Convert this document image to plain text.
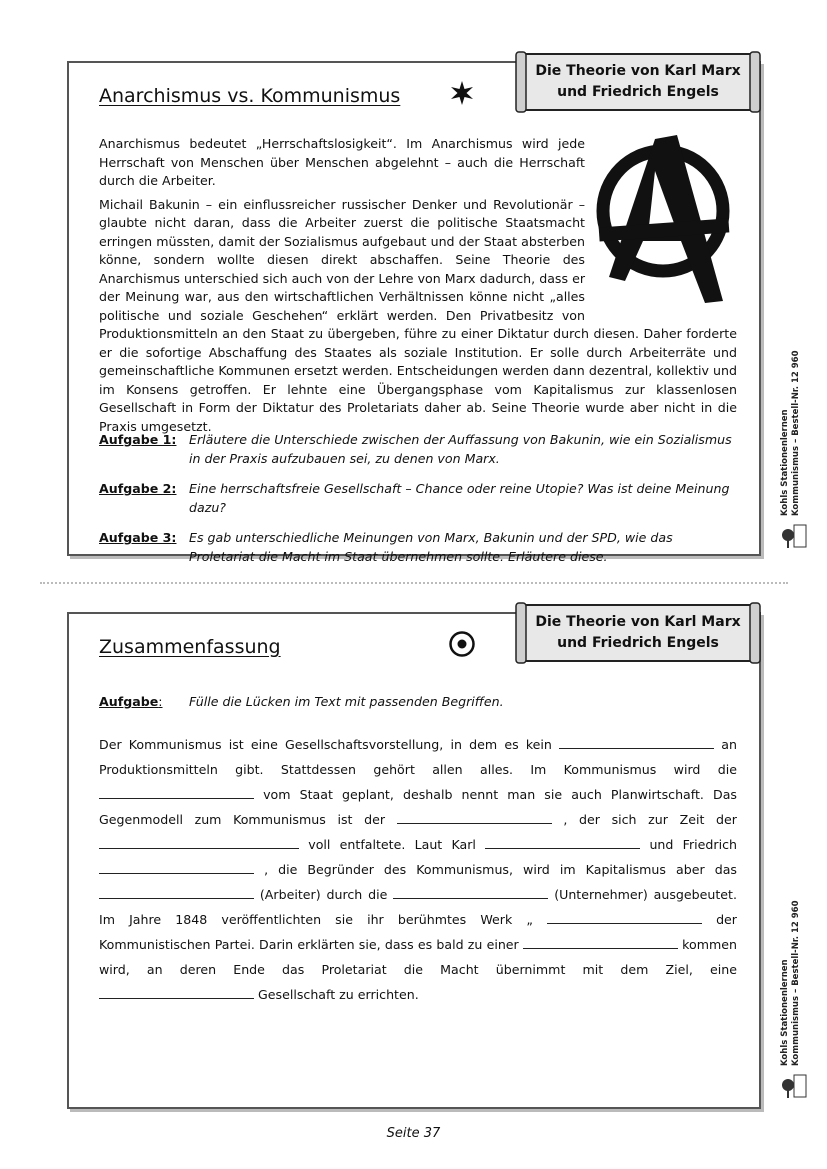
Anarchismus vs. Kommunismus

Anarchismus bedeutet „Herrschaftslosigkeit“. Im Anarchismus wird jede Herrschaft von Menschen über Menschen abgelehnt – auch die Herrschaft durch die Arbeiter.

Michail Bakunin – ein einflussreicher russischer Denker und Revolutionär – glaubte nicht daran, dass die Arbeiter zuerst die politische Staatsmacht erringen müssten, damit der Sozialismus aufgebaut und der Staat absterben könne, sondern wollte diesen direkt abschaffen. Seine Theorie des Anarchismus unterschied sich auch von der Lehre von Marx dadurch, dass er der Meinung war, aus den wirtschaftlichen Verhältnissen könne nicht „alles politische und soziale Geschehen“ erklärt werden. Den Privatbesitz von Produktionsmitteln an den Staat zu übergeben, führe zu einer Diktatur durch diesen. Daher forderte er die sofortige Abschaffung des Staates als soziale Institution. Er solle durch Arbeiterräte und gemeinschaftliche Kommunen ersetzt werden. Entscheidungen werden dann dezentral, kollektiv und im Konsens getroffen. Er lehnte eine Übergangsphase vom Kapitalismus zur klassenlosen Gesellschaft in Form der Diktatur des Proletariats daher ab. Seine Theorie wurde aber nicht in die Praxis umgesetzt.

Aufgabe 1: Erläutere die Unterschiede zwischen der Auffassung von Bakunin, wie ein Sozialismus in der Praxis aufzubauen sei, zu denen von Marx.
Aufgabe 2: Eine herrschaftsfreie Gesellschaft – Chance oder reine Utopie? Was ist deine Meinung dazu?
Aufgabe 3: Es gab unterschiedliche Meinungen von Marx, Bakunin und der SPD, wie das Proletariat die Macht im Staat übernehmen sollte. Erläutere diese.
Die Theorie von Karl Marx
und Friedrich Engels
Zusammenfassung
Aufgabe:	Fülle die Lücken im Text mit passenden Begriffen.
Der Kommunismus ist eine Gesellschaftsvorstellung, in dem es kein	an Produktionsmitteln gibt. Stattdessen gehört allen alles. Im Kommunismus wird die  vom Staat geplant, deshalb nennt man sie auch Planwirtschaft. Das Gegenmodell zum Kommunismus ist der	, der sich zur Zeit der  voll entfaltete. Laut Karl	und Friedrich  , die Begründer des Kommunismus, wird im Kapitalismus aber das  (Arbeiter) durch die	(Unternehmer) ausgebeutet. Im Jahre 1848 veröffentlichten sie ihr berühmtes Werk „	der Kommunistischen Partei. Darin erklärten sie, dass es bald zu einer	kommen wird, an deren Ende das Proletariat die Macht übernimmt mit dem Ziel, eine  Gesellschaft zu errichten.
Die Theorie von Karl Marx
und Friedrich Engels
Kohls Stationenlernen Kommunismus – Bestell-Nr. 12 960
Kohls Stationenlernen Kommunismus – Bestell-Nr. 12 960
Seite 37
